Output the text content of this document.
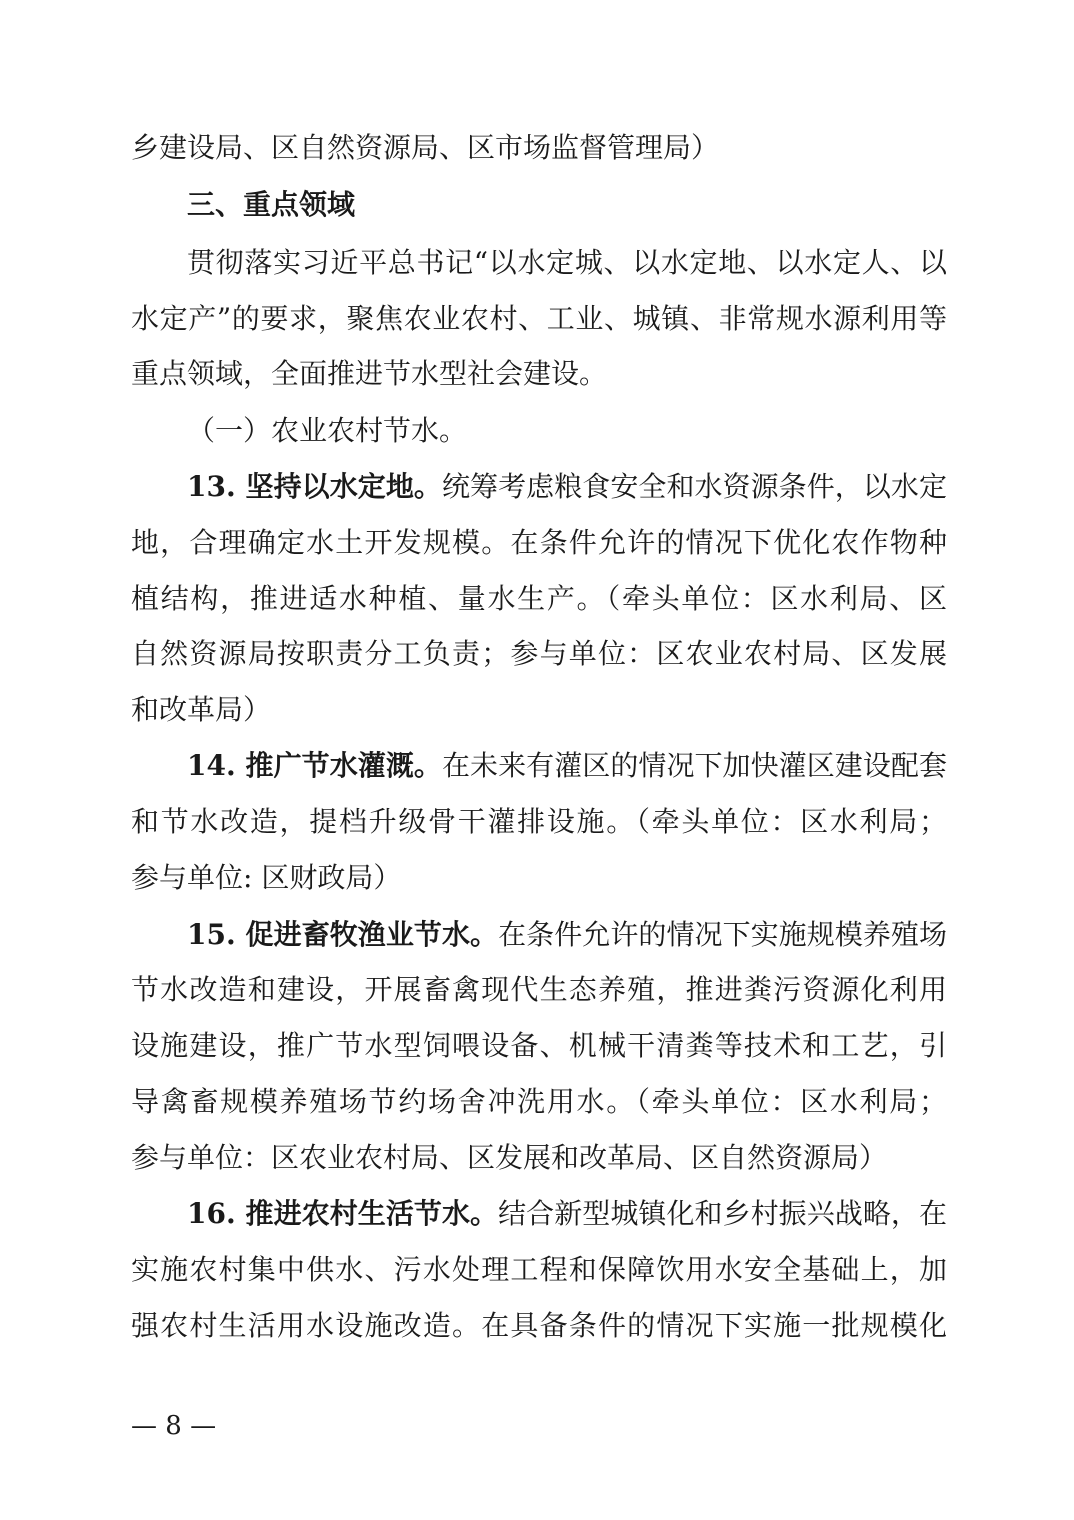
乡建设局、区自然资源局、区市场监督管理局）
三、重点领域
贯彻落实习近平总书记“以水定城、以水定地、以水定人、以
水定产”的要求，聚焦农业农村、工业、城镇、非常规水源利用等
重点领域，全面推进节水型社会建设。
（一）农业农村节水。
13. 坚持以水定地。统筹考虑粮食安全和水资源条件，以水定
地，合理确定水土开发规模。在条件允许的情况下优化农作物种
植结构，推进适水种植、量水生产。（牵头单位：区水利局、区
自然资源局按职责分工负责；参与单位：区农业农村局、区发展
和改革局）
14. 推广节水灌溉。在未来有灌区的情况下加快灌区建设配套
和节水改造，提档升级骨干灌排设施。（牵头单位：区水利局；
参与单位: 区财政局）
15. 促进畜牧渔业节水。在条件允许的情况下实施规模养殖场
节水改造和建设，开展畜禽现代生态养殖，推进粪污资源化利用
设施建设，推广节水型饲喂设备、机械干清粪等技术和工艺，引
导禽畜规模养殖场节约场舍冲洗用水。（牵头单位：区水利局；
参与单位：区农业农村局、区发展和改革局、区自然资源局）
16. 推进农村生活节水。结合新型城镇化和乡村振兴战略，在
实施农村集中供水、污水处理工程和保障饮用水安全基础上，加
强农村生活用水设施改造。在具备条件的情况下实施一批规模化
— 8 —
